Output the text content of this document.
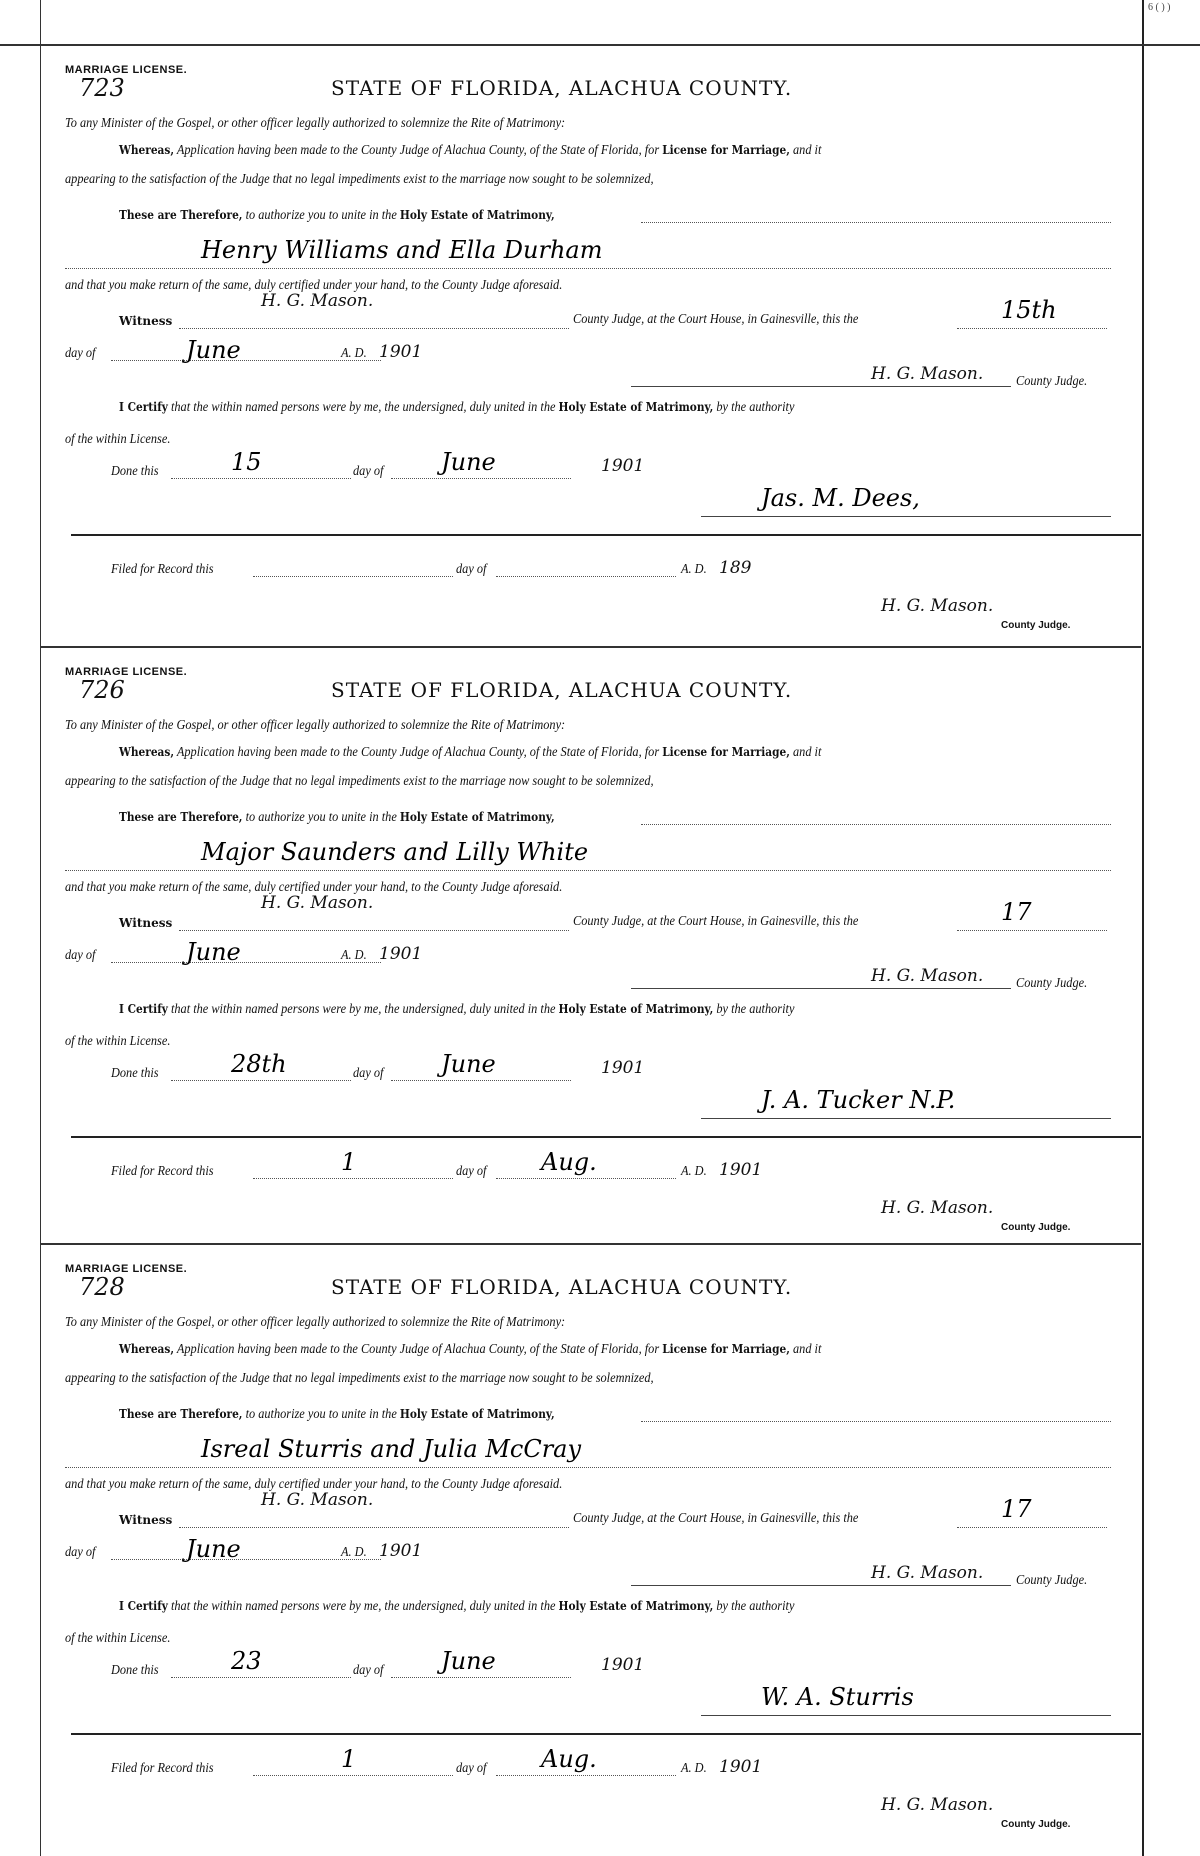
6 ( ) )
MARRIAGE LICENSE.
723	STATE OF FLORIDA, ALACHUA COUNTY.
To any Minister of the Gospel, or other officer legally authorized to solemnize the Rite of Matrimony:
Whereas, Application having been made to the County Judge of Alachua County, of the State of Florida, for License for Marriage, and it
appearing to the satisfaction of the Judge that no legal impediments exist to the marriage now sought to be solemnized,
These are Therefore, to authorize you to unite in the Holy Estate of Matrimony,
Henry Williams and Ella Durham
and that you make return of the same, duly certified under your hand, to the County Judge aforesaid.
H. G. Mason.
Witness	County Judge, at the Court House, in Gainesville, this the	15th
day of	June	A. D. 1901
H. G. Mason. County Judge.
I Certify that the within named persons were by me, the undersigned, duly united in the Holy Estate of Matrimony, by the authority
of the within License.
Done this	15	day of June	1901
Jas. M. Dees,
Filed for Record this	day of	A. D. 189
H. G. Mason.
County Judge.
MARRIAGE LICENSE.
726	STATE OF FLORIDA, ALACHUA COUNTY.
To any Minister of the Gospel, or other officer legally authorized to solemnize the Rite of Matrimony:
Whereas, Application having been made to the County Judge of Alachua County, of the State of Florida, for License for Marriage, and it
appearing to the satisfaction of the Judge that no legal impediments exist to the marriage now sought to be solemnized,
These are Therefore, to authorize you to unite in the Holy Estate of Matrimony,
Major Saunders and Lilly White
and that you make return of the same, duly certified under your hand, to the County Judge aforesaid.
H. G. Mason.
Witness	County Judge, at the Court House, in Gainesville, this the	17
day of	June	A. D. 1901
H. G. Mason. County Judge.
I Certify that the within named persons were by me, the undersigned, duly united in the Holy Estate of Matrimony, by the authority
of the within License.
Done this	28th	day of June	1901
J. A. Tucker N.P.
Filed for Record this	1	day of Aug.	A. D. 1901
H. G. Mason.
County Judge.
MARRIAGE LICENSE.
728	STATE OF FLORIDA, ALACHUA COUNTY.
To any Minister of the Gospel, or other officer legally authorized to solemnize the Rite of Matrimony:
Whereas, Application having been made to the County Judge of Alachua County, of the State of Florida, for License for Marriage, and it
appearing to the satisfaction of the Judge that no legal impediments exist to the marriage now sought to be solemnized,
These are Therefore, to authorize you to unite in the Holy Estate of Matrimony,
Isreal Sturris and Julia McCray
and that you make return of the same, duly certified under your hand, to the County Judge aforesaid.
H. G. Mason.
Witness	County Judge, at the Court House, in Gainesville, this the	17
day of	June	A. D. 1901
H. G. Mason. County Judge.
I Certify that the within named persons were by me, the undersigned, duly united in the Holy Estate of Matrimony, by the authority
of the within License.
Done this	23	day of June	1901
W. A. Sturris
Filed for Record this	1	day of Aug.	A. D. 1901
H. G. Mason.
County Judge.
